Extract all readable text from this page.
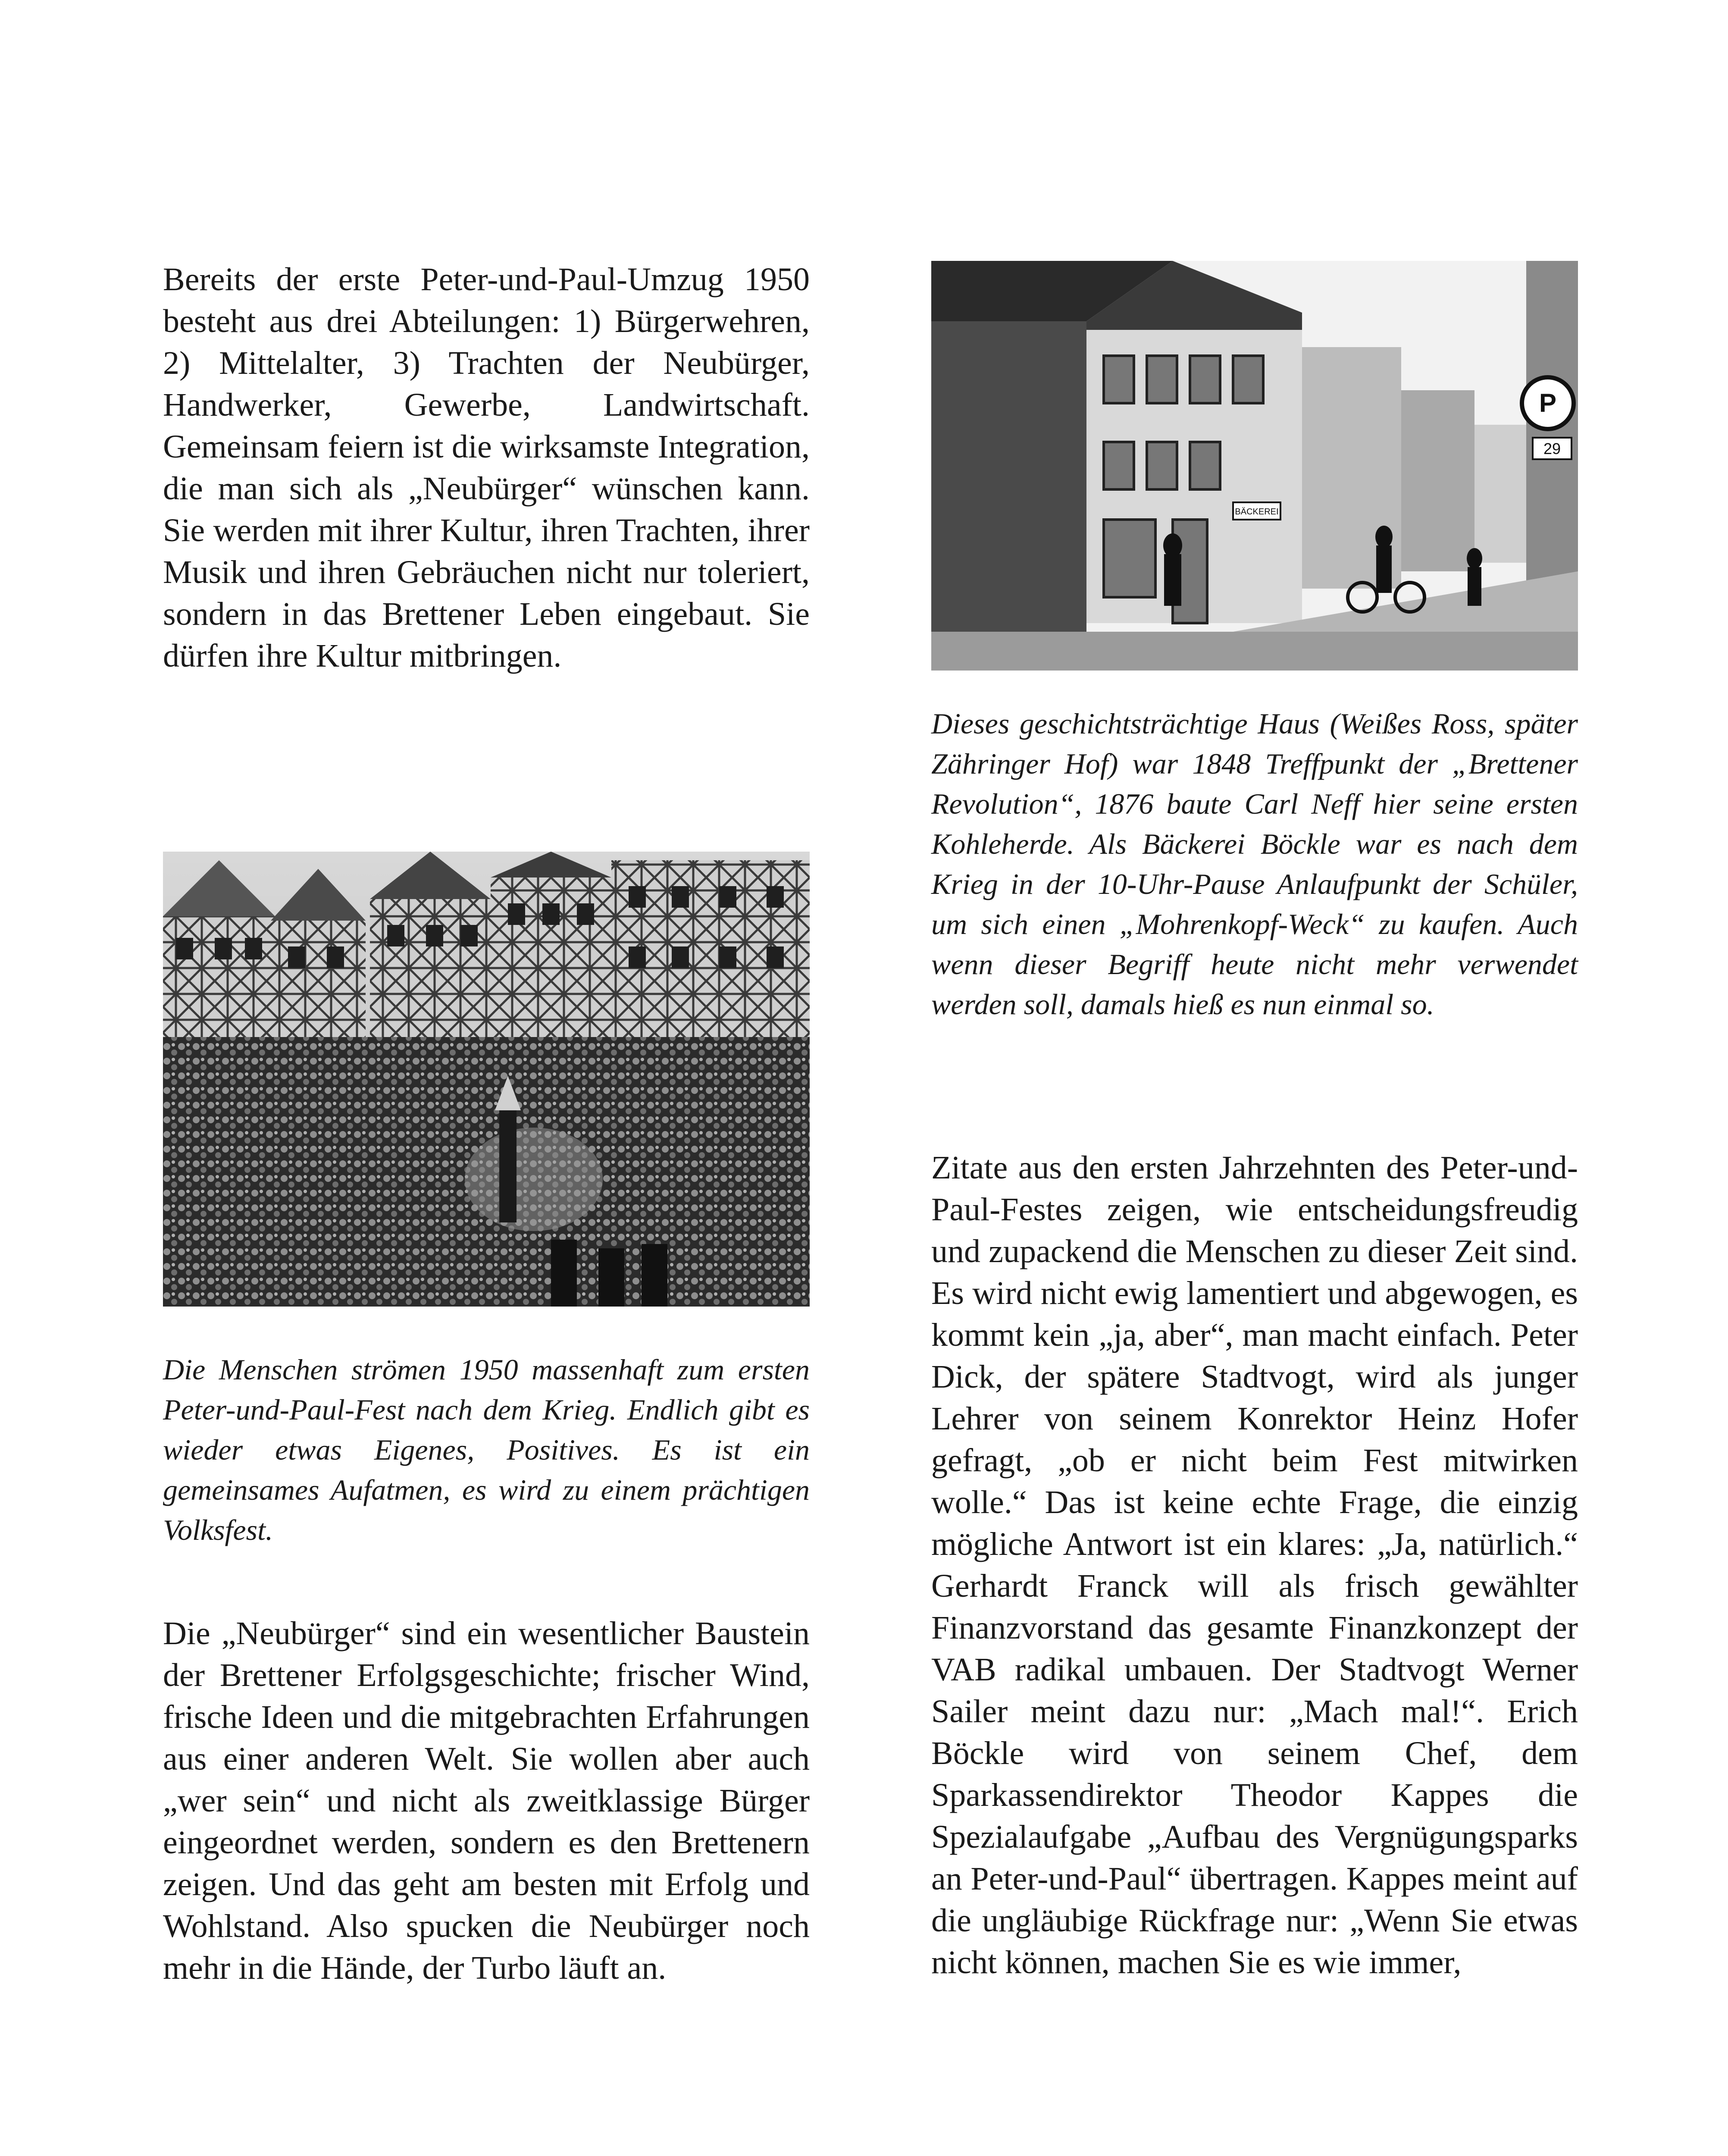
Bereits der erste Peter-und-Paul-Umzug 1950 besteht aus drei Abteilungen: 1) Bürgerwehren, 2) Mittelalter, 3) Trachten der Neubürger, Handwerker, Gewerbe, Landwirtschaft. Gemeinsam feiern ist die wirksamste Integration, die man sich als „Neubürger“ wünschen kann. Sie werden mit ihrer Kultur, ihren Trachten, ihrer Musik und ihren Gebräuchen nicht nur toleriert, sondern in das Brettener Leben eingebaut. Sie dürfen ihre Kultur mitbringen.

Die Menschen strömen 1950 massenhaft zum ersten Peter-und-Paul-Fest nach dem Krieg. Endlich gibt es wieder etwas Eigenes, Positives. Es ist ein gemeinsames Aufatmen, es wird zu einem prächtigen Volksfest.

Die „Neubürger“ sind ein wesentlicher Baustein der Brettener Erfolgsgeschichte; frischer Wind, frische Ideen und die mitgebrachten Erfahrungen aus einer anderen Welt. Sie wollen aber auch „wer sein“ und nicht als zweitklassige Bürger eingeordnet werden, sondern es den Brettenern zeigen. Und das geht am besten mit Erfolg und Wohlstand. Also spucken die Neubürger noch mehr in die Hände, der Turbo läuft an.

BÄCKEREI
P
29

Dieses geschichtsträchtige Haus (Weißes Ross, später Zähringer Hof) war 1848 Treffpunkt der „Brettener Revolution“, 1876 baute Carl Neff hier seine ersten Kohleherde. Als Bäckerei Böckle war es nach dem Krieg in der 10-Uhr-Pause Anlaufpunkt der Schüler, um sich einen „Mohrenkopf-Weck“ zu kaufen. Auch wenn dieser Begriff heute nicht mehr verwendet werden soll, damals hieß es nun einmal so.

Zitate aus den ersten Jahrzehnten des Peter-und-Paul-Festes zeigen, wie entscheidungsfreudig und zupackend die Menschen zu dieser Zeit sind. Es wird nicht ewig lamentiert und abgewogen, es kommt kein „ja, aber“, man macht einfach. Peter Dick, der spätere Stadtvogt, wird als junger Lehrer von seinem Konrektor Heinz Hofer gefragt, „ob er nicht beim Fest mitwirken wolle.“ Das ist keine echte Frage, die einzig mögliche Antwort ist ein klares: „Ja, natürlich.“ Gerhardt Franck will als frisch gewählter Finanzvorstand das gesamte Finanzkonzept der VAB radikal umbauen. Der Stadtvogt Werner Sailer meint dazu nur: „Mach mal!“. Erich Böckle wird von seinem Chef, dem Sparkassendirektor Theodor Kappes die Spezialaufgabe „Aufbau des Vergnügungsparks an Peter-und-Paul“ übertragen. Kappes meint auf die ungläubige Rückfrage nur: „Wenn Sie etwas nicht können, machen Sie es wie immer,
